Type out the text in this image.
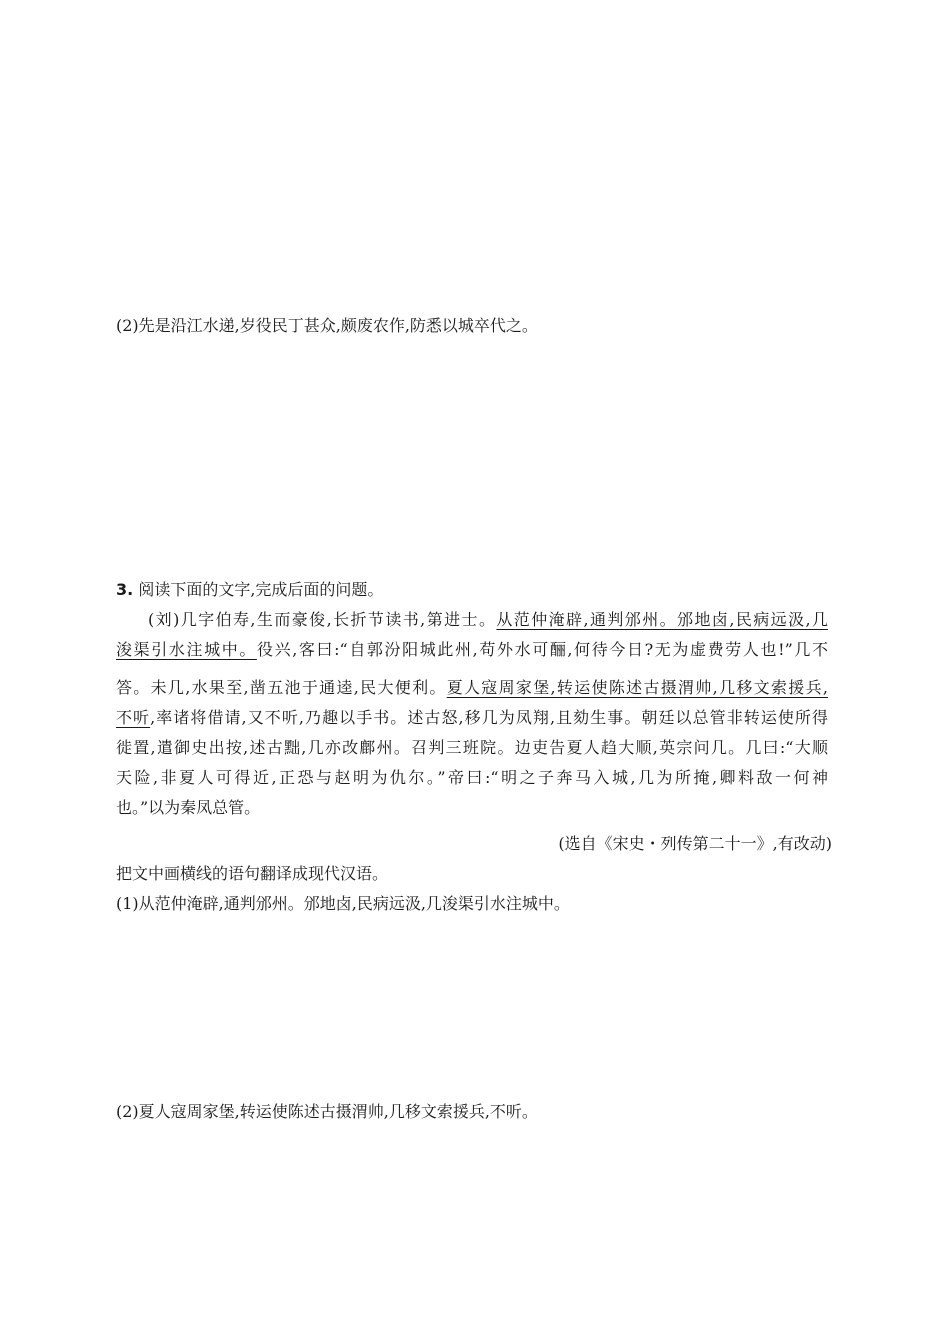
(2)先是沿江水递,岁役民丁甚众,颇废农作,防悉以城卒代之。
3. 阅读下面的文字,完成后面的问题。
(刘)几字伯寿,生而豪俊,长折节读书,第进士。从范仲淹辟,通判邠州。邠地卤,民病远汲,几
浚渠引水注城中。役兴,客曰:“自郭汾阳城此州,苟外水可酾,何待今日?无为虚费劳人也!”几不
答。未几,水果至,凿五池于通逵,民大便利。夏人寇周家堡,转运使陈述古摄渭帅,几移文索援兵,
不听,率诸将借请,又不听,乃趣以手书。述古怒,移几为凤翔,且劾生事。朝廷以总管非转运使所得
徙置,遣御史出按,述古黜,几亦改鄜州。召判三班院。边吏告夏人趋大顺,英宗问几。几曰:“大顺
天险,非夏人可得近,正恐与赵明为仇尔。”帝曰:“明之子奔马入城,几为所掩,卿料敌一何神
也。”以为秦凤总管。
(选自《宋史・列传第二十一》,有改动)
把文中画横线的语句翻译成现代汉语。
(1)从范仲淹辟,通判邠州。邠地卤,民病远汲,几浚渠引水注城中。
(2)夏人寇周家堡,转运使陈述古摄渭帅,几移文索援兵,不听。
